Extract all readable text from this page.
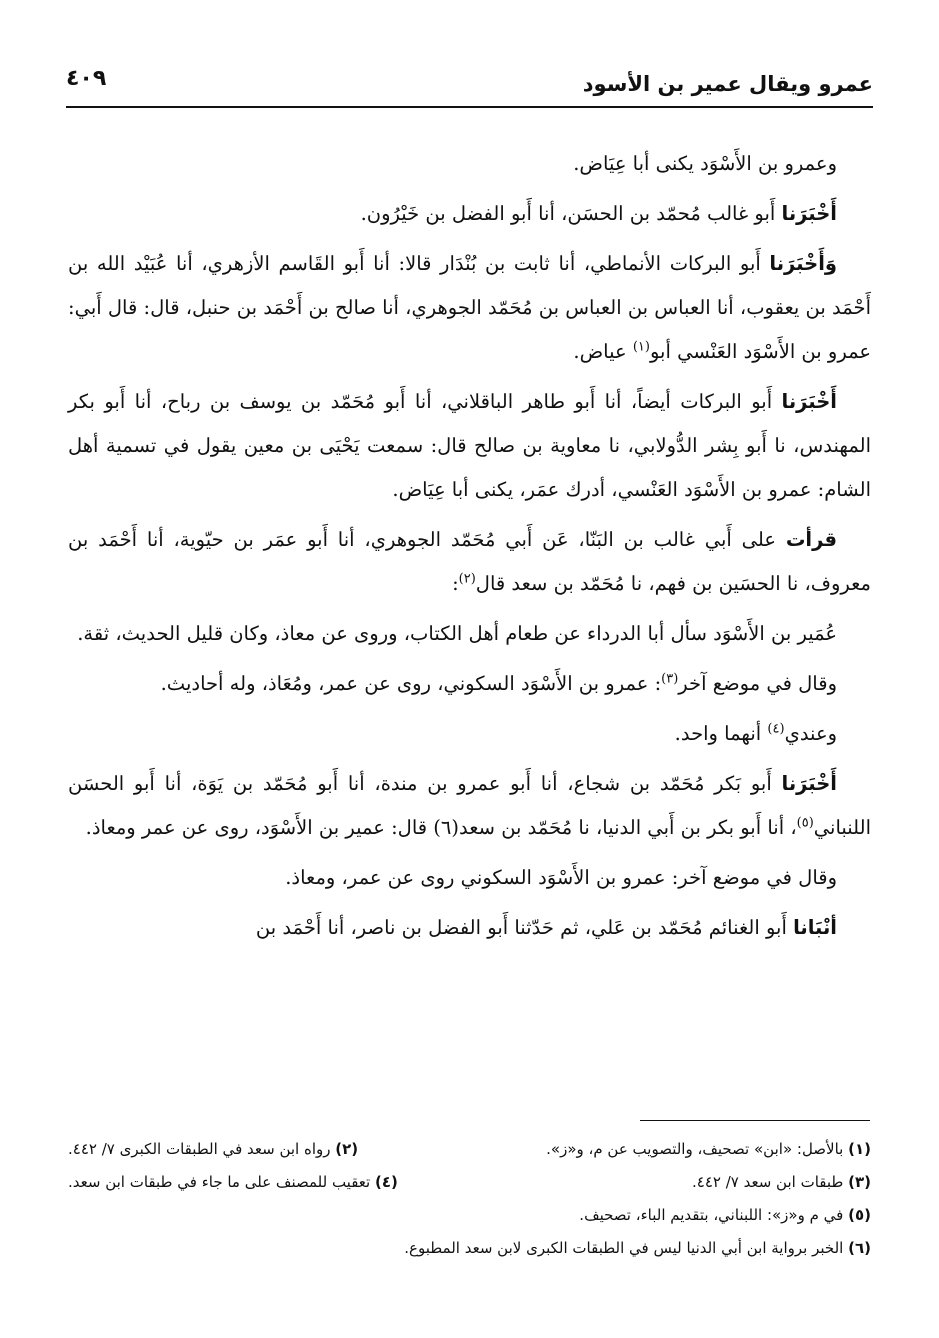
عمرو ويقال عمير بن الأسود
٤٠٩

وعمرو بن الأَسْوَد يكنى أبا عِيَاض.

أَخْبَرَنا أَبو غالب مُحمّد بن الحسَن، أنا أَبو الفضل بن خَيْرُون.

وَأَخْبَرَنا أَبو البركات الأنماطي، أنا ثابت بن بُنْدَار قالا: أنا أَبو القَاسم الأزهري، أنا عُبَيْد الله بن أَحْمَد بن يعقوب، أنا العباس بن العباس بن مُحَمّد الجوهري، أنا صالح بن أَحْمَد بن حنبل، قال: قال أَبي: عمرو بن الأَسْوَد العَنْسي أبو$^{(١)}$ عياض.

أَخْبَرَنا أَبو البركات أيضاً، أنا أَبو طاهر الباقلاني، أنا أَبو مُحَمّد بن يوسف بن رباح، أنا أَبو بكر المهندس، نا أَبو بِشر الدُّولابي، نا معاوية بن صالح قال: سمعت يَحْيَى بن معين يقول في تسمية أهل الشام: عمرو بن الأَسْوَد العَنْسي، أدرك عمَر، يكنى أبا عِيَاض.

قرأت على أَبي غالب بن البَنّا، عَن أَبي مُحَمّد الجوهري، أنا أَبو عمَر بن حيّوية، أنا أَحْمَد بن معروف، نا الحسَين بن فهم، نا مُحَمّد بن سعد قال$^{(٢)}$:

عُمَير بن الأَسْوَد سأل أبا الدرداء عن طعام أهل الكتاب، وروى عن معاذ، وكان قليل الحديث، ثقة.

وقال في موضع آخر$^{(٣)}$: عمرو بن الأَسْوَد السكوني، روى عن عمر، ومُعَاذ، وله أحاديث.

وعندي$^{(٤)}$ أنهما واحد.

أَخْبَرَنا أَبو بَكر مُحَمّد بن شجاع، أنا أَبو عمرو بن مندة، أنا أَبو مُحَمّد بن يَوَة، أنا أَبو الحسَن اللنباني$^{(٥)}$، أنا أَبو بكر بن أَبي الدنيا، نا مُحَمّد بن سعد(٦) قال: عمير بن الأَسْوَد، روى عن عمر ومعاذ.

وقال في موضع آخر: عمرو بن الأَسْوَد السكوني روى عن عمر، ومعاذ.

أنْبَانا أَبو الغنائم مُحَمّد بن عَلي، ثم حَدّثنا أَبو الفضل بن ناصر، أنا أَحْمَد بن

(١) بالأصل: «ابن» تصحيف، والتصويب عن م، و«ز».
(٢) رواه ابن سعد في الطبقات الكبرى ٧/ ٤٤٢.
(٣) طبقات ابن سعد ٧/ ٤٤٢.
(٤) تعقيب للمصنف على ما جاء في طبقات ابن سعد.
(٥) في م و«ز»: اللبناني، بتقديم الباء، تصحيف.
(٦) الخبر برواية ابن أبي الدنيا ليس في الطبقات الكبرى لابن سعد المطبوع.
